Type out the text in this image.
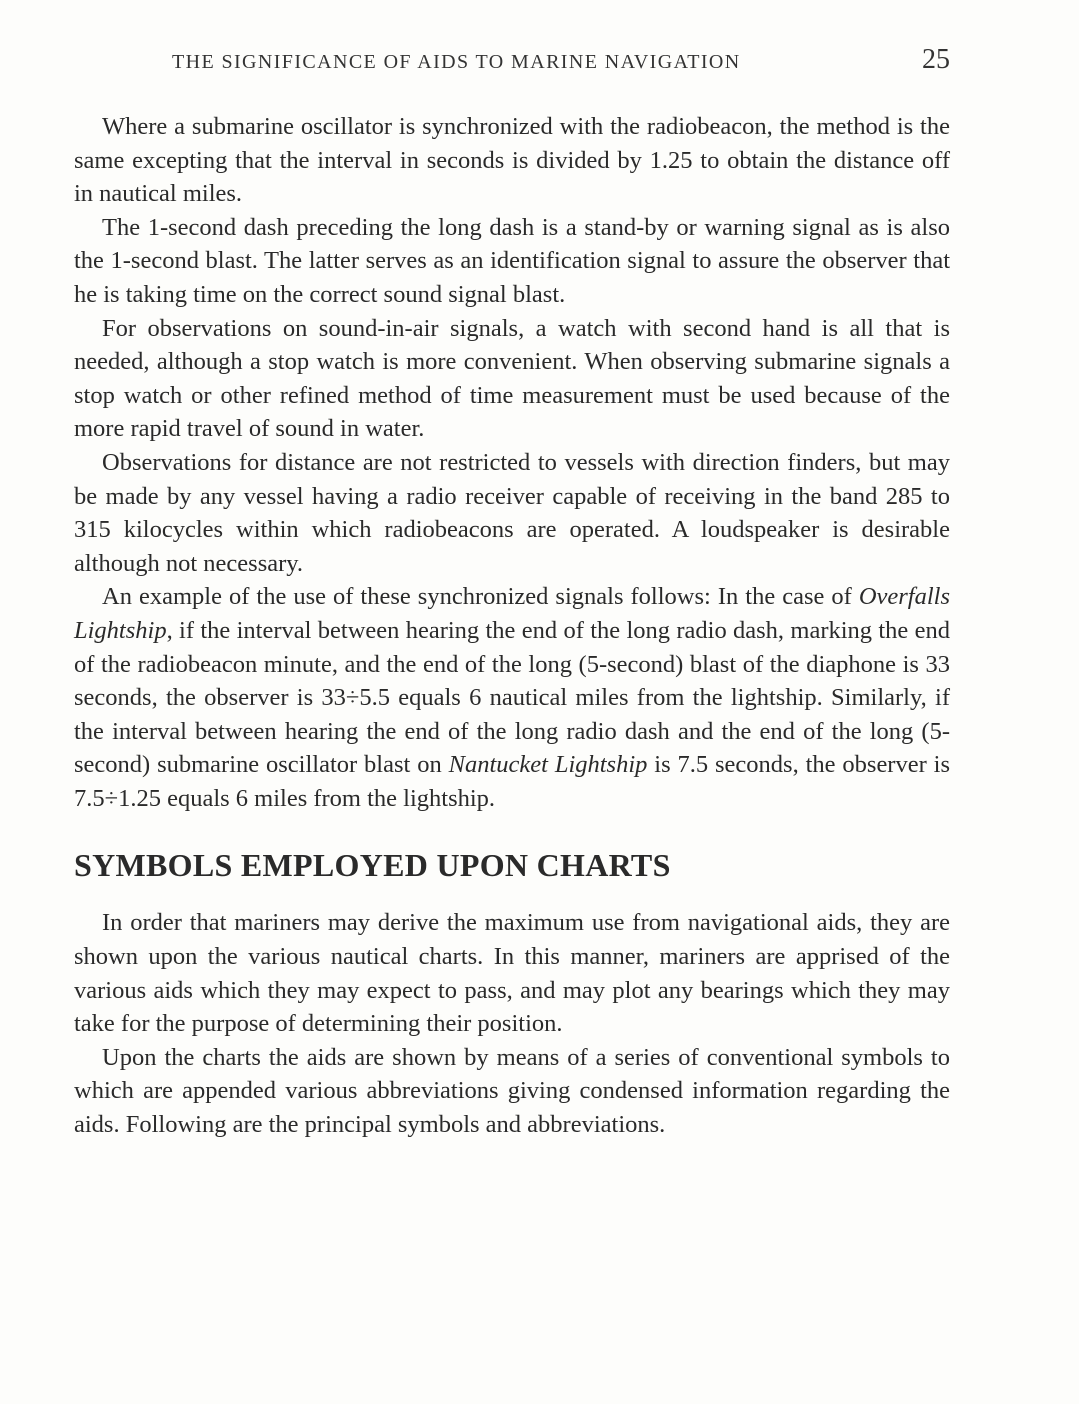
THE SIGNIFICANCE OF AIDS TO MARINE NAVIGATION	25

Where a submarine oscillator is synchronized with the radiobeacon, the method is the same excepting that the interval in seconds is divided by 1.25 to obtain the distance off in nautical miles.

The 1-second dash preceding the long dash is a stand-by or warning signal as is also the 1-second blast. The latter serves as an identification signal to assure the observer that he is taking time on the correct sound signal blast.

For observations on sound-in-air signals, a watch with second hand is all that is needed, although a stop watch is more convenient. When observing submarine signals a stop watch or other refined method of time measurement must be used because of the more rapid travel of sound in water.

Observations for distance are not restricted to vessels with direction finders, but may be made by any vessel having a radio receiver capable of receiving in the band 285 to 315 kilocycles within which radiobeacons are operated. A loudspeaker is desirable although not necessary.

An example of the use of these synchronized signals follows: In the case of Overfalls Lightship, if the interval between hearing the end of the long radio dash, marking the end of the radiobeacon minute, and the end of the long (5-second) blast of the diaphone is 33 seconds, the observer is 33÷5.5 equals 6 nautical miles from the lightship. Similarly, if the interval between hearing the end of the long radio dash and the end of the long (5-second) submarine oscillator blast on Nantucket Lightship is 7.5 seconds, the observer is 7.5÷1.25 equals 6 miles from the lightship.

SYMBOLS EMPLOYED UPON CHARTS

In order that mariners may derive the maximum use from navigational aids, they are shown upon the various nautical charts. In this manner, mariners are apprised of the various aids which they may expect to pass, and may plot any bearings which they may take for the purpose of determining their position.

Upon the charts the aids are shown by means of a series of conventional symbols to which are appended various abbreviations giving condensed information regarding the aids. Following are the principal symbols and abbreviations.
